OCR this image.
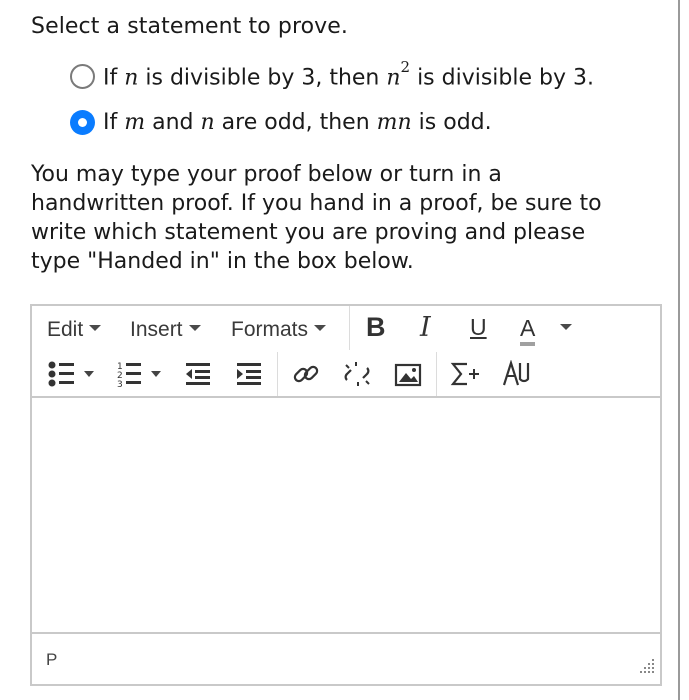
Select a statement to prove.
If n is divisible by 3, then $n^2$ is divisible by 3.
If m and n are odd, then mn is odd.
You may type your proof below or turn in a handwritten proof. If you hand in a proof, be sure to write which statement you are proving and please type "Handed in" in the box below.
Edit	Insert	Formats	B I U A
1
2
3
P
